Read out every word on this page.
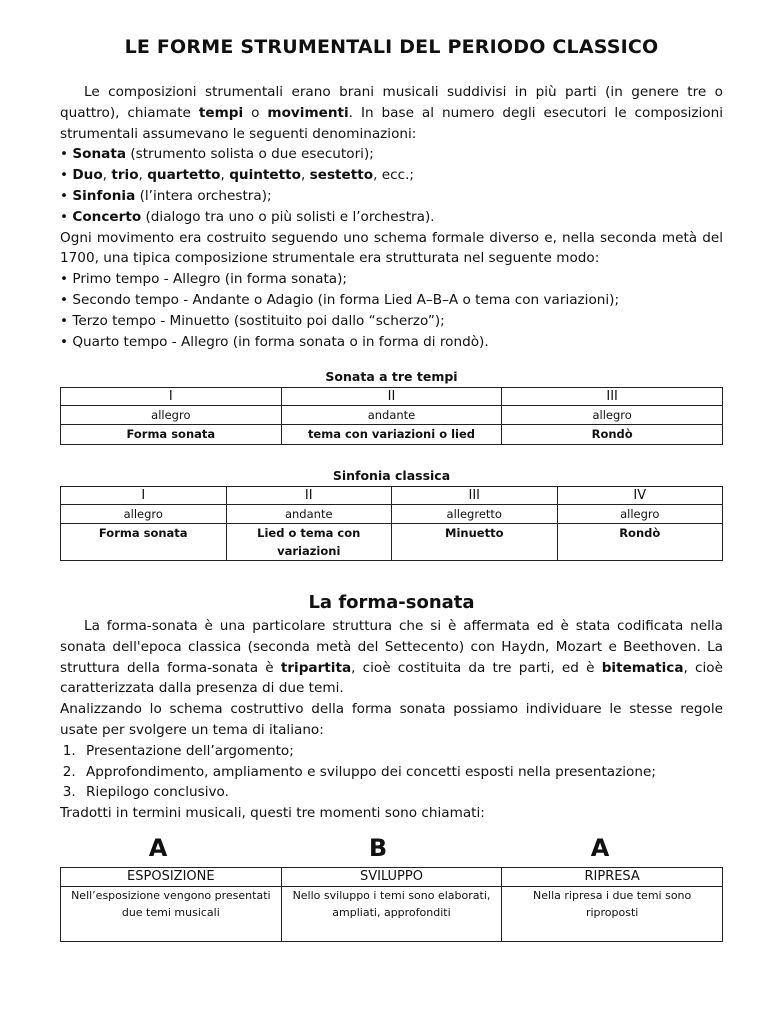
LE FORME STRUMENTALI DEL PERIODO CLASSICO

Le composizioni strumentali erano brani musicali suddivisi in più parti (in genere tre o quattro), chiamate tempi o movimenti. In base al numero degli esecutori le composizioni strumentali assumevano le seguenti denominazioni:

• Sonata (strumento solista o due esecutori);

• Duo, trio, quartetto, quintetto, sestetto, ecc.;

• Sinfonia (l’intera orchestra);

• Concerto (dialogo tra uno o più solisti e l’orchestra).

Ogni movimento era costruito seguendo uno schema formale diverso e, nella seconda metà del 1700, una tipica composizione strumentale era strutturata nel seguente modo:

• Primo tempo - Allegro (in forma sonata);

• Secondo tempo - Andante o Adagio (in forma Lied A–B–A o tema con variazioni);

• Terzo tempo - Minuetto (sostituito poi dallo “scherzo”);

• Quarto tempo - Allegro (in forma sonata o in forma di rondò).

Sonata a tre tempi
I	II	III
allegro	andante	allegro
Forma sonata	tema con variazioni o lied	Rondò
Sinfonia classica
I	II	III	IV
allegro	andante	allegretto	allegro
Forma sonata	Lied o tema con variazioni	Minuetto	Rondò
La forma-sonata

La forma-sonata è una particolare struttura che si è affermata ed è stata codificata nella sonata dell'epoca classica (seconda metà del Settecento) con Haydn, Mozart e Beethoven. La struttura della forma-sonata è tripartita, cioè costituita da tre parti, ed è bitematica, cioè caratterizzata dalla presenza di due temi.

Analizzando lo schema costruttivo della forma sonata possiamo individuare le stesse regole usate per svolgere un tema di italiano:

1. Presentazione dell’argomento;
2. Approfondimento, ampliamento e sviluppo dei concetti esposti nella presentazione;
3. Riepilogo conclusivo.

Tradotti in termini musicali, questi tre momenti sono chiamati:

A	B	A
ESPOSIZIONE	SVILUPPO	RIPRESA
Nell’esposizione vengono presentati due temi musicali	Nello sviluppo i temi sono elaborati, ampliati, approfonditi	Nella ripresa i due temi sono riproposti
